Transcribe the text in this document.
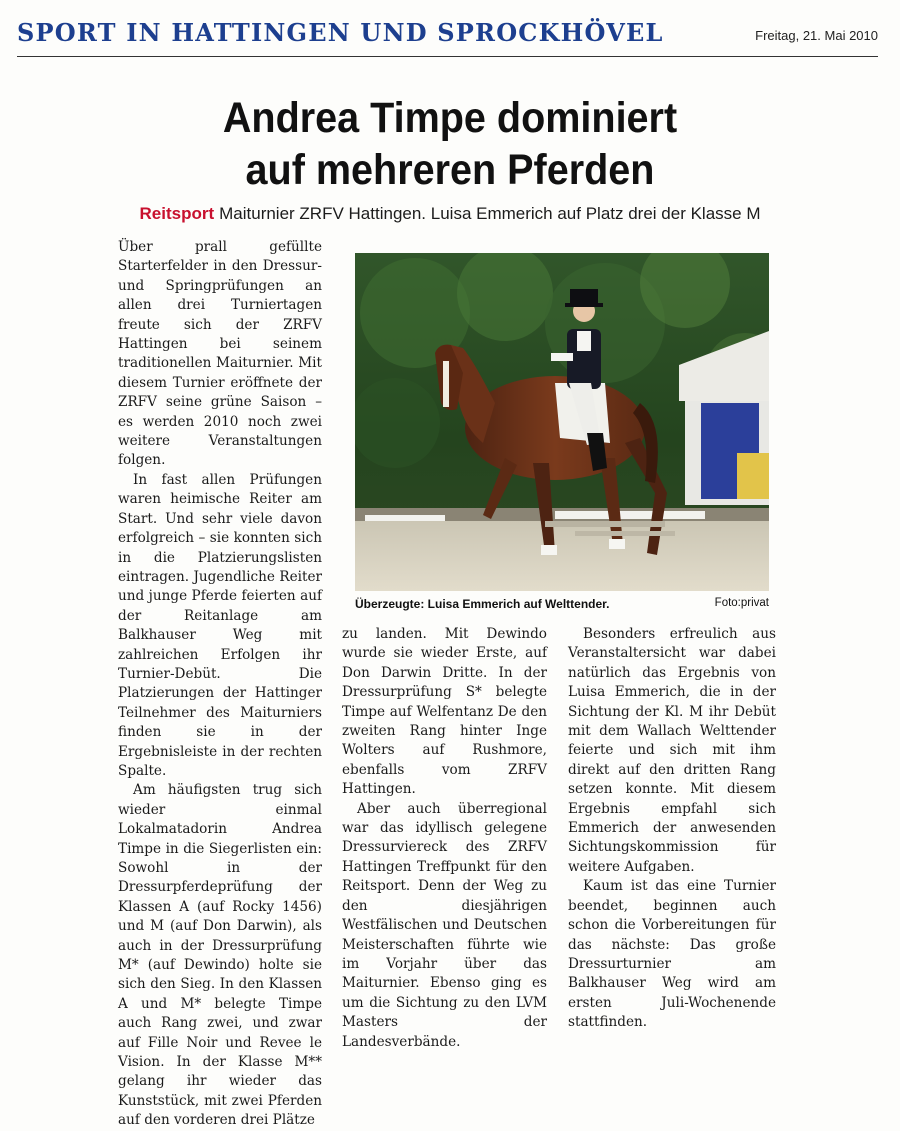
SPORT IN HATTINGEN UND SPROCKHÖVEL	Freitag, 21. Mai 2010
Andrea Timpe dominiert
auf mehreren Pferden
Reitsport Maiturnier ZRFV Hattingen. Luisa Emmerich auf Platz drei der Klasse M

Über prall gefüllte Starterfelder in den Dressur- und Springprüfungen an allen drei Turniertagen freute sich der ZRFV Hattingen bei seinem traditionellen Maiturnier. Mit diesem Turnier eröffnete der ZRFV seine grüne Saison – es werden 2010 noch zwei weitere Veranstaltungen folgen.

In fast allen Prüfungen waren heimische Reiter am Start. Und sehr viele davon erfolgreich – sie konnten sich in die Platzierungslisten eintragen. Jugendliche Reiter und junge Pferde feierten auf der Reitanlage am Balkhauser Weg mit zahlreichen Erfolgen ihr Turnier-Debüt. Die Platzierungen der Hattinger Teilnehmer des Maiturniers finden sie in der Ergebnisleiste in der rechten Spalte.

Am häufigsten trug sich wieder einmal Lokalmatadorin Andrea Timpe in die Siegerlisten ein: Sowohl in der Dressurpferdeprüfung der Klassen A (auf Rocky 1456) und M (auf Don Darwin), als auch in der Dressurprüfung M* (auf Dewindo) holte sie sich den Sieg. In den Klassen A und M* belegte Timpe auch Rang zwei, und zwar auf Fille Noir und Revee le Vision. In der Klasse M** gelang ihr wieder das Kunststück, mit zwei Pferden auf den vorderen drei Plätze

Überzeugte: Luisa Emmerich auf Welttender.	Foto:privat

zu landen. Mit Dewindo wurde sie wieder Erste, auf Don Darwin Dritte. In der Dressurprüfung S* belegte Timpe auf Welfentanz De den zweiten Rang hinter Inge Wolters auf Rushmore, ebenfalls vom ZRFV Hattingen.

Aber auch überregional war das idyllisch gelegene Dressurviereck des ZRFV Hattingen Treffpunkt für den Reitsport. Denn der Weg zu den diesjährigen Westfälischen und Deutschen Meisterschaften führte wie im Vorjahr über das Maiturnier. Ebenso ging es um die Sichtung zu den LVM Masters der Landesverbände.

Besonders erfreulich aus Veranstaltersicht war dabei natürlich das Ergebnis von Luisa Emmerich, die in der Sichtung der Kl. M ihr Debüt mit dem Wallach Welttender feierte und sich mit ihm direkt auf den dritten Rang setzen konnte. Mit diesem Ergebnis empfahl sich Emmerich der anwesenden Sichtungskommission für weitere Aufgaben.

Kaum ist das eine Turnier beendet, beginnen auch schon die Vorbereitungen für das nächste: Das große Dressurturnier am Balkhauser Weg wird am ersten Juli-Wochenende stattfinden.
